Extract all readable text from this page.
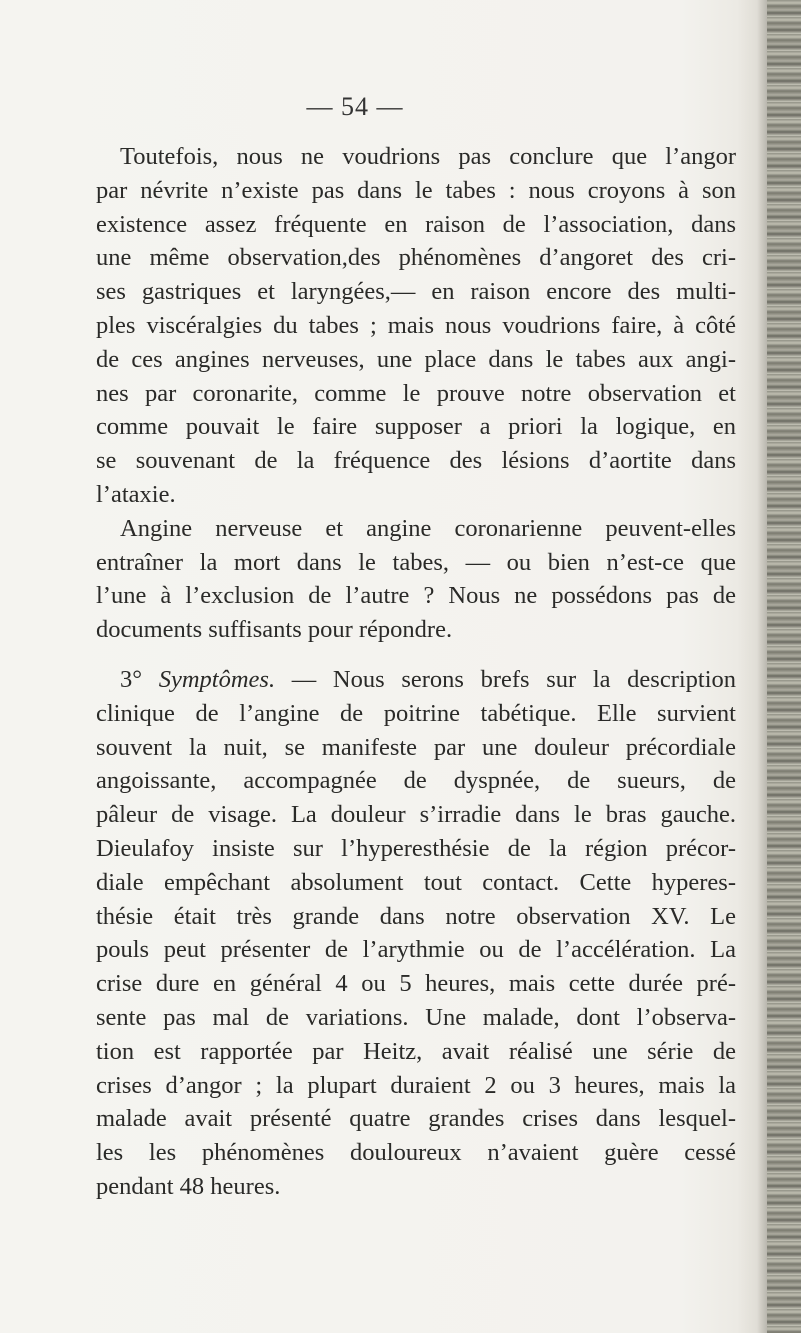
— 54 —
Toutefois, nous ne voudrions pas conclure que l’angor
par névrite n’existe pas dans le tabes : nous croyons à son
existence assez fréquente en raison de l’association, dans
une même observation,des phénomènes d’angoret des cri-
ses gastriques et laryngées,— en raison encore des multi-
ples viscéralgies du tabes ; mais nous voudrions faire, à côté
de ces angines nerveuses, une place dans le tabes aux angi-
nes par coronarite, comme le prouve notre observation et
comme pouvait le faire supposer a priori la logique, en
se souvenant de la fréquence des lésions d’aortite dans
l’ataxie.
Angine nerveuse et angine coronarienne peuvent-elles
entraîner la mort dans le tabes, — ou bien n’est-ce que
l’une à l’exclusion de l’autre ? Nous ne possédons pas de
documents suffisants pour répondre.
3° Symptômes. — Nous serons brefs sur la description
clinique de l’angine de poitrine tabétique. Elle survient
souvent la nuit, se manifeste par une douleur précordiale
angoissante, accompagnée de dyspnée, de sueurs, de
pâleur de visage. La douleur s’irradie dans le bras gauche.
Dieulafoy insiste sur l’hyperesthésie de la région précor-
diale empêchant absolument tout contact. Cette hyperes-
thésie était très grande dans notre observation XV. Le
pouls peut présenter de l’arythmie ou de l’accélération. La
crise dure en général 4 ou 5 heures, mais cette durée pré-
sente pas mal de variations. Une malade, dont l’observa-
tion est rapportée par Heitz, avait réalisé une série de
crises d’angor ; la plupart duraient 2 ou 3 heures, mais la
malade avait présenté quatre grandes crises dans lesquel-
les les phénomènes douloureux n’avaient guère cessé
pendant 48 heures.
